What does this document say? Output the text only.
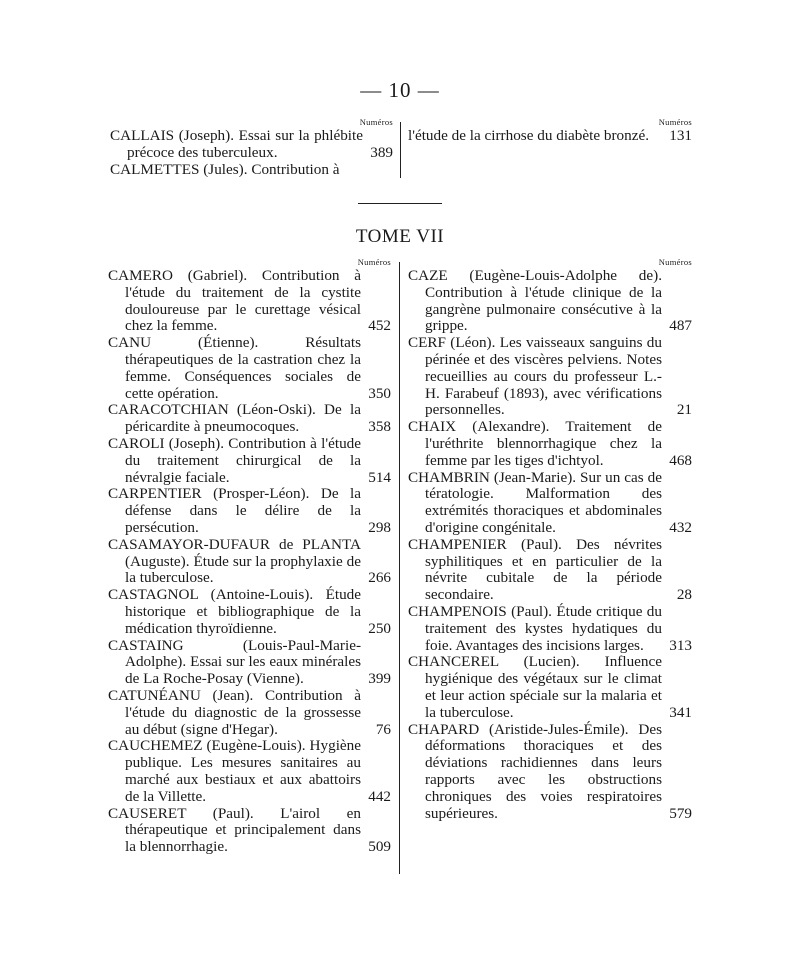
— 10 —
Numéros
CALLAIS (Joseph). Essai sur la phlébite précoce des tuberculeux.	389
CALMETTES (Jules). Contribution à
Numéros
l'étude de la cirrhose du diabète bronzé. 131
TOME VII
Numéros
CAMERO (Gabriel). Contribution à l'étude du traitement de la cystite douloureuse par le curettage vésical chez la femme.	452
CANU (Étienne). Résultats thérapeutiques de la castration chez la femme. Conséquences sociales de cette opération.	350
CARACOTCHIAN (Léon-Oski). De la péricardite à pneumocoques.	358
CAROLI (Joseph). Contribution à l'étude du traitement chirurgical de la névralgie faciale.	514
CARPENTIER (Prosper-Léon). De la défense dans le délire de la persécution.	298
CASAMAYOR-DUFAUR de PLANTA (Auguste). Étude sur la prophylaxie de la tuberculose.	266
CASTAGNOL (Antoine-Louis). Étude historique et bibliographique de la médication thyroïdienne.	250
CASTAING (Louis-Paul-Marie-Adolphe). Essai sur les eaux minérales de La Roche-Posay (Vienne).	399
CATUNÉANU (Jean). Contribution à l'étude du diagnostic de la grossesse au début (signe d'Hegar).	76
CAUCHEMEZ (Eugène-Louis). Hygiène publique. Les mesures sanitaires au marché aux bestiaux et aux abattoirs de la Villette.	442
CAUSERET (Paul). L'airol en thérapeutique et principalement dans la blennorrhagie.	509
Numéros
CAZE (Eugène-Louis-Adolphe de). Contribution à l'étude clinique de la gangrène pulmonaire consécutive à la grippe.	487
CERF (Léon). Les vaisseaux sanguins du périnée et des viscères pelviens. Notes recueillies au cours du professeur L.-H. Farabeuf (1893), avec vérifications personnelles.	21
CHAIX (Alexandre). Traitement de l'uréthrite blennorrhagique chez la femme par les tiges d'ichtyol.	468
CHAMBRIN (Jean-Marie). Sur un cas de tératologie. Malformation des extrémités thoraciques et abdominales d'origine congénitale.	432
CHAMPENIER (Paul). Des névrites syphilitiques et en particulier de la névrite cubitale de la période secondaire.	28
CHAMPENOIS (Paul). Étude critique du traitement des kystes hydatiques du foie. Avantages des incisions larges. 313
CHANCEREL (Lucien). Influence hygiénique des végétaux sur le climat et leur action spéciale sur la malaria et la tuberculose.	341
CHAPARD (Aristide-Jules-Émile). Des déformations thoraciques et des déviations rachidiennes dans leurs rapports avec les obstructions chroniques des voies respiratoires supérieures.	579
